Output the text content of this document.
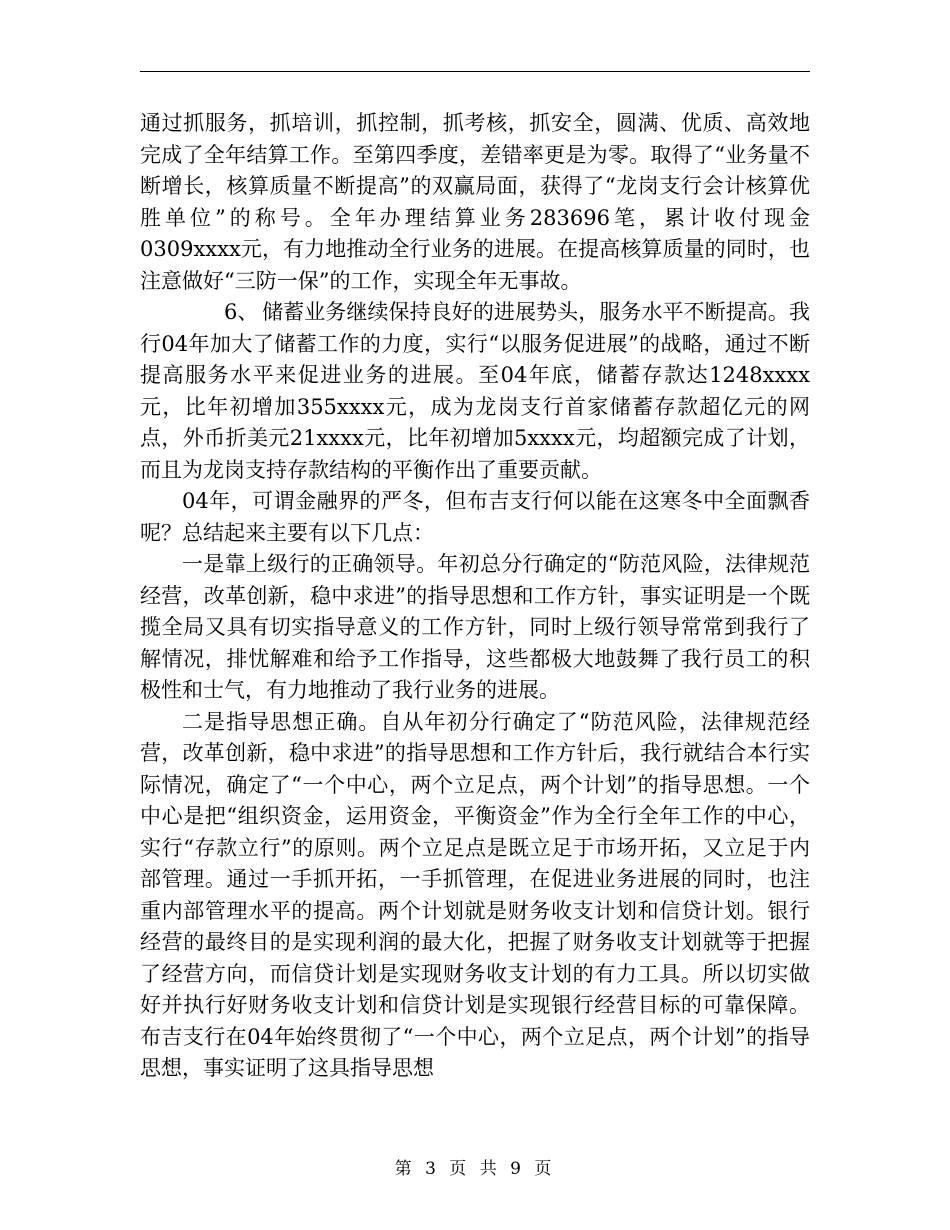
通过抓服务，抓培训，抓控制，抓考核，抓安全，圆满、优质、高效地完成了全年结算工作。至第四季度，差错率更是为零。取得了“业务量不断增长，核算质量不断提高”的双赢局面，获得了“龙岗支行会计核算优胜单位”的称号。全年办理结算业务283696笔，累计收付现金0309xxxx元，有力地推动全行业务的进展。在提高核算质量的同时，也注意做好“三防一保”的工作，实现全年无事故。

6、 储蓄业务继续保持良好的进展势头，服务水平不断提高。我行04年加大了储蓄工作的力度，实行“以服务促进展”的战略，通过不断提高服务水平来促进业务的进展。至04年底，储蓄存款达1248xxxx元，比年初增加355xxxx元，成为龙岗支行首家储蓄存款超亿元的网点，外币折美元21xxxx元，比年初增加5xxxx元，均超额完成了计划，而且为龙岗支持存款结构的平衡作出了重要贡献。

04年，可谓金融界的严冬，但布吉支行何以能在这寒冬中全面飘香呢？总结起来主要有以下几点：

一是靠上级行的正确领导。年初总分行确定的“防范风险，法律规范经营，改革创新，稳中求进”的指导思想和工作方针，事实证明是一个既揽全局又具有切实指导意义的工作方针，同时上级行领导常常到我行了解情况，排忧解难和给予工作指导，这些都极大地鼓舞了我行员工的积极性和士气，有力地推动了我行业务的进展。

二是指导思想正确。自从年初分行确定了“防范风险，法律规范经营，改革创新，稳中求进”的指导思想和工作方针后，我行就结合本行实际情况，确定了“一个中心，两个立足点，两个计划”的指导思想。一个中心是把“组织资金，运用资金，平衡资金”作为全行全年工作的中心，实行“存款立行”的原则。两个立足点是既立足于市场开拓，又立足于内部管理。通过一手抓开拓，一手抓管理，在促进业务进展的同时，也注重内部管理水平的提高。两个计划就是财务收支计划和信贷计划。银行经营的最终目的是实现利润的最大化，把握了财务收支计划就等于把握了经营方向，而信贷计划是实现财务收支计划的有力工具。所以切实做好并执行好财务收支计划和信贷计划是实现银行经营目标的可靠保障。布吉支行在04年始终贯彻了“一个中心，两个立足点，两个计划”的指导思想，事实证明了这具指导思想

第 3 页 共 9 页
